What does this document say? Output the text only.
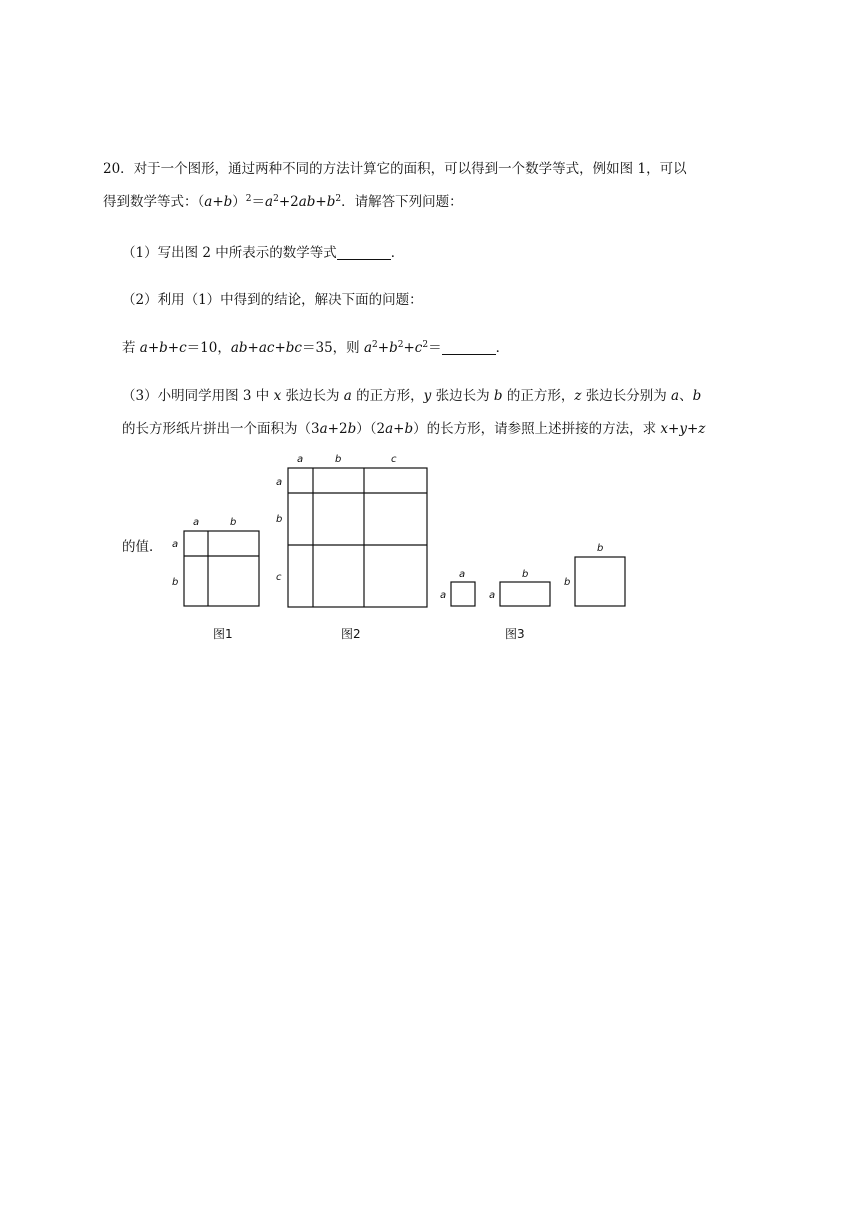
20．对于一个图形，通过两种不同的方法计算它的面积，可以得到一个数学等式，例如图 1，可以
得到数学等式：$(a+b)^2=a^2+2ab+b^2$．请解答下列问题：
（1）写出图 2 中所表示的数学等式	．
（2）利用（1）中得到的结论，解决下面的问题：
若 a+b+c＝10，ab+ac+bc＝35，则 $a^2+b^2+c^2=$	．
（3）小明同学用图 3 中 x 张边长为 a 的正方形，y 张边长为 b 的正方形，z 张边长分别为 a、b
的长方形纸片拼出一个面积为（3a+2b）（2a+b）的长方形，请参照上述拼接的方法，求 x+y+z
的值．
a	b
a
b
图1
a	b	c
a
b
c
图2
a
a
b
a
b
b
图3
